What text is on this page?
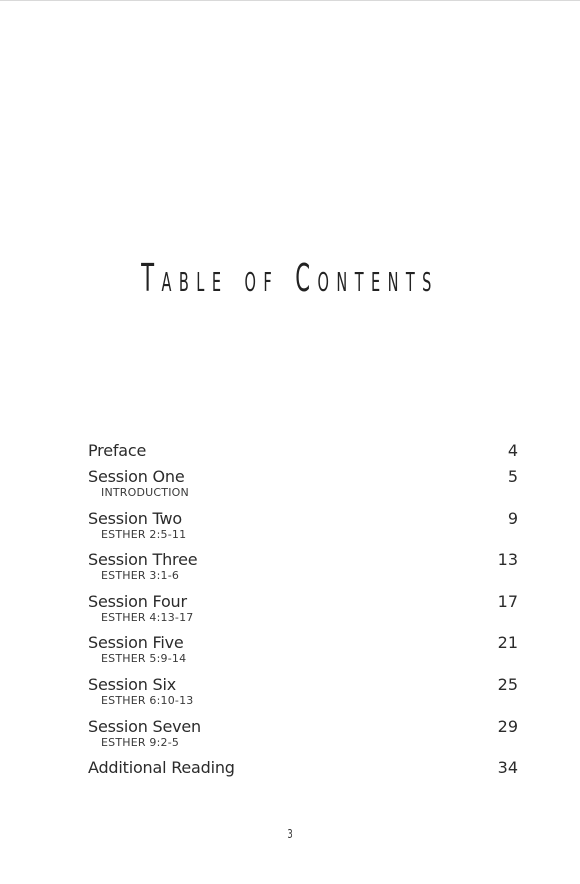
TABLE OF CONTENTS
Preface	4
Session One	5
INTRODUCTION
Session Two	9
ESTHER 2:5-11
Session Three	13
ESTHER 3:1-6
Session Four	17
ESTHER 4:13-17
Session Five	21
ESTHER 5:9-14
Session Six	25
ESTHER 6:10-13
Session Seven	29
ESTHER 9:2-5
Additional Reading	34
3
